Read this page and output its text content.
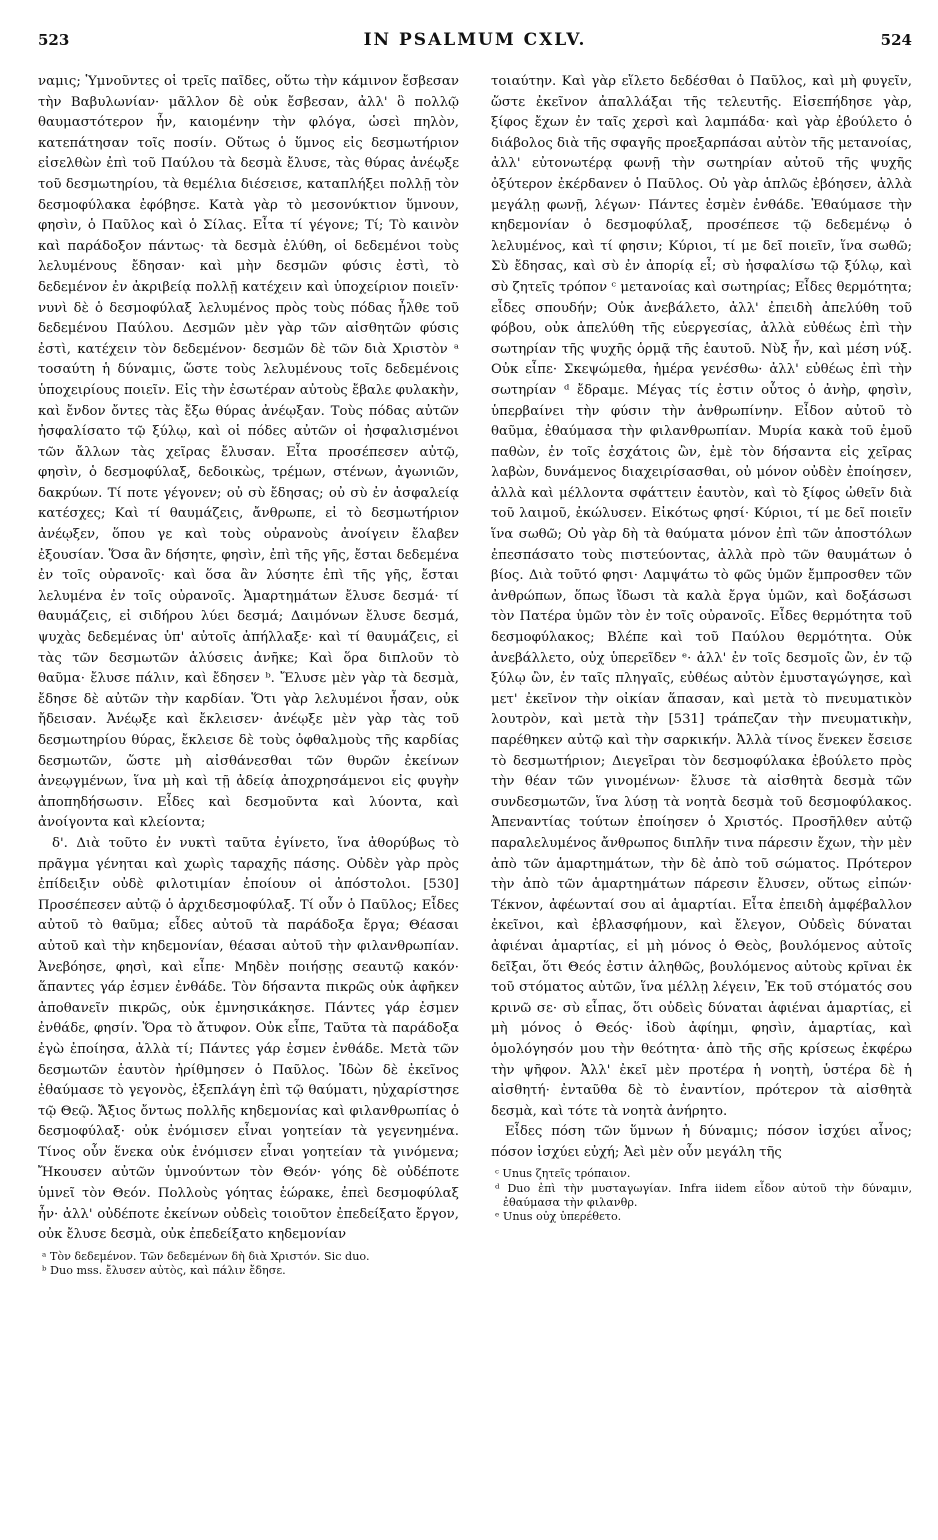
523	IN PSALMUM CXLV.	524

ναμις; Ὑμνοῦντες οἱ τρεῖς παῖδες, οὕτω τὴν κάμινον ἔσβεσαν τὴν Βαβυλωνίαν· μᾶλλον δὲ οὐκ ἔσβεσαν, ἀλλ' ὃ πολλῷ θαυμαστότερον ἦν, καιομένην τὴν φλόγα, ὡσεὶ πηλὸν, κατεπάτησαν τοῖς ποσίν. Οὕτως ὁ ὕμνος εἰς δεσμωτήριον εἰσελθὼν ἐπὶ τοῦ Παύλου τὰ δεσμὰ ἔλυσε, τὰς θύρας ἀνέῳξε τοῦ δεσμωτηρίου, τὰ θεμέλια διέσεισε, καταπλήξει πολλῇ τὸν δεσμοφύλακα ἐφόβησε. Κατὰ γὰρ τὸ μεσονύκτιον ὕμνουν, φησὶν, ὁ Παῦλος καὶ ὁ Σίλας. Εἶτα τί γέγονε; Τί; Τὸ καινὸν καὶ παράδοξον πάντως· τὰ δεσμὰ ἐλύθη, οἱ δεδεμένοι τοὺς λελυμένους ἔδησαν· καὶ μὴν δεσμῶν φύσις ἐστὶ, τὸ δεδεμένον ἐν ἀκριβείᾳ πολλῇ κατέχειν καὶ ὑποχείριον ποιεῖν· νυνὶ δὲ ὁ δεσμοφύλαξ λελυμένος πρὸς τοὺς πόδας ἦλθε τοῦ δεδεμένου Παύλου. Δεσμῶν μὲν γὰρ τῶν αἰσθητῶν φύσις ἐστὶ, κατέχειν τὸν δεδεμένον· δεσμῶν δὲ τῶν διὰ Χριστὸν ᵃ τοσαύτη ἡ δύναμις, ὥστε τοὺς λελυμένους τοῖς δεδεμένοις ὑποχειρίους ποιεῖν. Εἰς τὴν ἐσωτέραν αὐτοὺς ἔβαλε φυλακὴν, καὶ ἔνδον ὄντες τὰς ἔξω θύρας ἀνέῳξαν. Τοὺς πόδας αὐτῶν ἠσφαλίσατο τῷ ξύλῳ, καὶ οἱ πόδες αὐτῶν οἱ ἠσφαλισμένοι τῶν ἄλλων τὰς χεῖρας ἔλυσαν. Εἶτα προσέπεσεν αὐτῷ, φησὶν, ὁ δεσμοφύλαξ, δεδοικὼς, τρέμων, στένων, ἀγωνιῶν, δακρύων. Τί ποτε γέγονεν; οὐ σὺ ἔδησας; οὐ σὺ ἐν ἀσφαλείᾳ κατέσχες; Καὶ τί θαυμάζεις, ἄνθρωπε, εἰ τὸ δεσμωτήριον ἀνέῳξεν, ὅπου γε καὶ τοὺς οὐρανοὺς ἀνοίγειν ἔλαβεν ἐξουσίαν. Ὅσα ἂν δήσητε, φησὶν, ἐπὶ τῆς γῆς, ἔσται δεδεμένα ἐν τοῖς οὐρανοῖς· καὶ ὅσα ἂν λύσητε ἐπὶ τῆς γῆς, ἔσται λελυμένα ἐν τοῖς οὐρανοῖς. Ἁμαρτημάτων ἔλυσε δεσμά· τί θαυμάζεις, εἰ σιδήρου λύει δεσμά; Δαιμόνων ἔλυσε δεσμά, ψυχὰς δεδεμένας ὑπ' αὐτοῖς ἀπήλλαξε· καὶ τί θαυμάζεις, εἰ τὰς τῶν δεσμωτῶν ἁλύσεις ἀνῆκε; Καὶ ὅρα διπλοῦν τὸ θαῦμα· ἔλυσε πάλιν, καὶ ἔδησεν ᵇ. Ἔλυσε μὲν γὰρ τὰ δεσμὰ, ἔδησε δὲ αὐτῶν τὴν καρδίαν. Ὅτι γὰρ λελυμένοι ἦσαν, οὐκ ἤδεισαν. Ἀνέῳξε καὶ ἔκλεισεν· ἀνέῳξε μὲν γὰρ τὰς τοῦ δεσμωτηρίου θύρας, ἔκλεισε δὲ τοὺς ὀφθαλμοὺς τῆς καρδίας δεσμωτῶν, ὥστε μὴ αἰσθάνεσθαι τῶν θυρῶν ἐκείνων ἀνεῳγμένων, ἵνα μὴ καὶ τῇ ἀδείᾳ ἀποχρησάμενοι εἰς φυγὴν ἀποπηδήσωσιν. Εἶδες καὶ δεσμοῦντα καὶ λύοντα, καὶ ἀνοίγοντα καὶ κλείοντα;

δ'. Διὰ τοῦτο ἐν νυκτὶ ταῦτα ἐγίνετο, ἵνα ἀθορύβως τὸ πρᾶγμα γένηται καὶ χωρὶς ταραχῆς πάσης. Οὐδὲν γὰρ πρὸς ἐπίδειξιν οὐδὲ φιλοτιμίαν ἐποίουν οἱ ἀπόστολοι. [530] Προσέπεσεν αὐτῷ ὁ ἀρχιδεσμοφύλαξ. Τί οὖν ὁ Παῦλος; Εἶδες αὐτοῦ τὸ θαῦμα; εἶδες αὐτοῦ τὰ παράδοξα ἔργα; Θέασαι αὐτοῦ καὶ τὴν κηδεμονίαν, θέασαι αὐτοῦ τὴν φιλανθρωπίαν. Ἀνεβόησε, φησὶ, καὶ εἶπε· Μηδὲν ποιήσῃς σεαυτῷ κακόν· ἅπαντες γάρ ἐσμεν ἐνθάδε. Τὸν δήσαντα πικρῶς οὐκ ἀφῆκεν ἀποθανεῖν πικρῶς, οὐκ ἐμνησικάκησε. Πάντες γάρ ἐσμεν ἐνθάδε, φησίν. Ὅρα τὸ ἄτυφον. Οὐκ εἶπε, Ταῦτα τὰ παράδοξα ἐγὼ ἐποίησα, ἀλλὰ τί; Πάντες γάρ ἐσμεν ἐνθάδε. Μετὰ τῶν δεσμωτῶν ἑαυτὸν ἠρίθμησεν ὁ Παῦλος. Ἰδὼν δὲ ἐκεῖνος ἐθαύμασε τὸ γεγονὸς, ἐξεπλάγη ἐπὶ τῷ θαύματι, ηὐχαρίστησε τῷ Θεῷ. Ἄξιος ὄντως πολλῆς κηδεμονίας καὶ φιλανθρωπίας ὁ δεσμοφύλαξ· οὐκ ἐνόμισεν εἶναι γοητείαν τὰ γεγενημένα. Τίνος οὖν ἕνεκα οὐκ ἐνόμισεν εἶναι γοητείαν τὰ γινόμενα; Ἤκουσεν αὐτῶν ὑμνούντων τὸν Θεόν· γόης δὲ οὐδέποτε ὑμνεῖ τὸν Θεόν. Πολλοὺς γόητας ἑώρακε, ἐπεὶ δεσμοφύλαξ ἦν· ἀλλ' οὐδέποτε ἐκείνων οὐδεὶς τοιοῦτον ἐπεδείξατο ἔργον, οὐκ ἔλυσε δεσμὰ, οὐκ ἐπεδείξατο κηδεμονίαν

ᵃ Τὸν δεδεμένον. Τῶν δεδεμένων δὴ διὰ Χριστόν. Sic duo.

ᵇ Duo mss. ἔλυσεν αὐτὸς, καὶ πάλιν ἔδησε.

τοιαύτην. Καὶ γὰρ εἵλετο δεδέσθαι ὁ Παῦλος, καὶ μὴ φυγεῖν, ὥστε ἐκεῖνον ἀπαλλάξαι τῆς τελευτῆς. Εἰσεπήδησε γὰρ, ξίφος ἔχων ἐν ταῖς χερσὶ καὶ λαμπάδα· καὶ γὰρ ἐβούλετο ὁ διάβολος διὰ τῆς σφαγῆς προεξαρπάσαι αὐτὸν τῆς μετανοίας, ἀλλ' εὐτονωτέρᾳ φωνῇ τὴν σωτηρίαν αὐτοῦ τῆς ψυχῆς ὀξύτερον ἐκέρδανεν ὁ Παῦλος. Οὐ γὰρ ἁπλῶς ἐβόησεν, ἀλλὰ μεγάλῃ φωνῇ, λέγων· Πάντες ἐσμὲν ἐνθάδε. Ἐθαύμασε τὴν κηδεμονίαν ὁ δεσμοφύλαξ, προσέπεσε τῷ δεδεμένῳ ὁ λελυμένος, καὶ τί φησιν; Κύριοι, τί με δεῖ ποιεῖν, ἵνα σωθῶ; Σὺ ἔδησας, καὶ σὺ ἐν ἀπορίᾳ εἶ; σὺ ἠσφαλίσω τῷ ξύλῳ, καὶ σὺ ζητεῖς τρόπον ᶜ μετανοίας καὶ σωτηρίας; Εἶδες θερμότητα; εἶδες σπουδήν; Οὐκ ἀνεβάλετο, ἀλλ' ἐπειδὴ ἀπελύθη τοῦ φόβου, οὐκ ἀπελύθη τῆς εὐεργεσίας, ἀλλὰ εὐθέως ἐπὶ τὴν σωτηρίαν τῆς ψυχῆς ὁρμᾷ τῆς ἑαυτοῦ. Νὺξ ἦν, καὶ μέση νύξ. Οὐκ εἶπε· Σκεψώμεθα, ἡμέρα γενέσθω· ἀλλ' εὐθέως ἐπὶ τὴν σωτηρίαν ᵈ ἔδραμε. Μέγας τίς ἐστιν οὗτος ὁ ἀνὴρ, φησὶν, ὑπερβαίνει τὴν φύσιν τὴν ἀνθρωπίνην. Εἶδον αὐτοῦ τὸ θαῦμα, ἐθαύμασα τὴν φιλανθρωπίαν. Μυρία κακὰ τοῦ ἐμοῦ παθὼν, ἐν τοῖς ἐσχάτοις ὢν, ἐμὲ τὸν δήσαντα εἰς χεῖρας λαβὼν, δυνάμενος διαχειρίσασθαι, οὐ μόνον οὐδὲν ἐποίησεν, ἀλλὰ καὶ μέλλοντα σφάττειν ἑαυτὸν, καὶ τὸ ξίφος ὠθεῖν διὰ τοῦ λαιμοῦ, ἐκώλυσεν. Εἰκότως φησί· Κύριοι, τί με δεῖ ποιεῖν ἵνα σωθῶ; Οὐ γὰρ δὴ τὰ θαύματα μόνον ἐπὶ τῶν ἀποστόλων ἐπεσπάσατο τοὺς πιστεύοντας, ἀλλὰ πρὸ τῶν θαυμάτων ὁ βίος. Διὰ τοῦτό φησι· Λαμψάτω τὸ φῶς ὑμῶν ἔμπροσθεν τῶν ἀνθρώπων, ὅπως ἴδωσι τὰ καλὰ ἔργα ὑμῶν, καὶ δοξάσωσι τὸν Πατέρα ὑμῶν τὸν ἐν τοῖς οὐρανοῖς. Εἶδες θερμότητα τοῦ δεσμοφύλακος; Βλέπε καὶ τοῦ Παύλου θερμότητα. Οὐκ ἀνεβάλλετο, οὐχ ὑπερεῖδεν ᵉ· ἀλλ' ἐν τοῖς δεσμοῖς ὢν, ἐν τῷ ξύλῳ ὢν, ἐν ταῖς πληγαῖς, εὐθέως αὐτὸν ἐμυσταγώγησε, καὶ μετ' ἐκεῖνον τὴν οἰκίαν ἅπασαν, καὶ μετὰ τὸ πνευματικὸν λουτρὸν, καὶ μετὰ τὴν [531] τράπεζαν τὴν πνευματικὴν, παρέθηκεν αὐτῷ καὶ τὴν σαρκικήν. Ἀλλὰ τίνος ἕνεκεν ἔσεισε τὸ δεσμωτήριον; Διεγεῖραι τὸν δεσμοφύλακα ἐβούλετο πρὸς τὴν θέαν τῶν γινομένων· ἔλυσε τὰ αἰσθητὰ δεσμὰ τῶν συνδεσμωτῶν, ἵνα λύσῃ τὰ νοητὰ δεσμὰ τοῦ δεσμοφύλακος. Ἀπεναντίας τούτων ἐποίησεν ὁ Χριστός. Προσῆλθεν αὐτῷ παραλελυμένος ἄνθρωπος διπλῆν τινα πάρεσιν ἔχων, τὴν μὲν ἀπὸ τῶν ἁμαρτημάτων, τὴν δὲ ἀπὸ τοῦ σώματος. Πρότερον τὴν ἀπὸ τῶν ἁμαρτημάτων πάρεσιν ἔλυσεν, οὕτως εἰπών· Τέκνον, ἀφέωνταί σου αἱ ἁμαρτίαι. Εἶτα ἐπειδὴ ἀμφέβαλλον ἐκεῖνοι, καὶ ἐβλασφήμουν, καὶ ἔλεγον, Οὐδεὶς δύναται ἀφιέναι ἁμαρτίας, εἰ μὴ μόνος ὁ Θεὸς, βουλόμενος αὐτοῖς δεῖξαι, ὅτι Θεός ἐστιν ἀληθῶς, βουλόμενος αὐτοὺς κρῖναι ἐκ τοῦ στόματος αὐτῶν, ἵνα μέλλῃ λέγειν, Ἐκ τοῦ στόματός σου κρινῶ σε· σὺ εἶπας, ὅτι οὐδεὶς δύναται ἀφιέναι ἁμαρτίας, εἰ μὴ μόνος ὁ Θεός· ἰδοὺ ἀφίημι, φησὶν, ἁμαρτίας, καὶ ὁμολόγησόν μου τὴν θεότητα· ἀπὸ τῆς σῆς κρίσεως ἐκφέρω τὴν ψῆφον. Ἀλλ' ἐκεῖ μὲν προτέρα ἡ νοητὴ, ὑστέρα δὲ ἡ αἰσθητή· ἐνταῦθα δὲ τὸ ἐναντίον, πρότερον τὰ αἰσθητὰ δεσμὰ, καὶ τότε τὰ νοητὰ ἀνήρητο.

Εἶδες πόση τῶν ὕμνων ἡ δύναμις; πόσον ἰσχύει αἶνος; πόσον ἰσχύει εὐχή; Ἀεὶ μὲν οὖν μεγάλη τῆς

ᶜ Unus ζητεῖς τρόπαιον.

ᵈ Duo ἐπὶ τὴν μυσταγωγίαν. Infra iidem εἶδον αὐτοῦ τὴν δύναμιν, ἐθαύμασα τὴν φιλανθρ.

ᵉ Unus οὐχ ὑπερέθετο.
